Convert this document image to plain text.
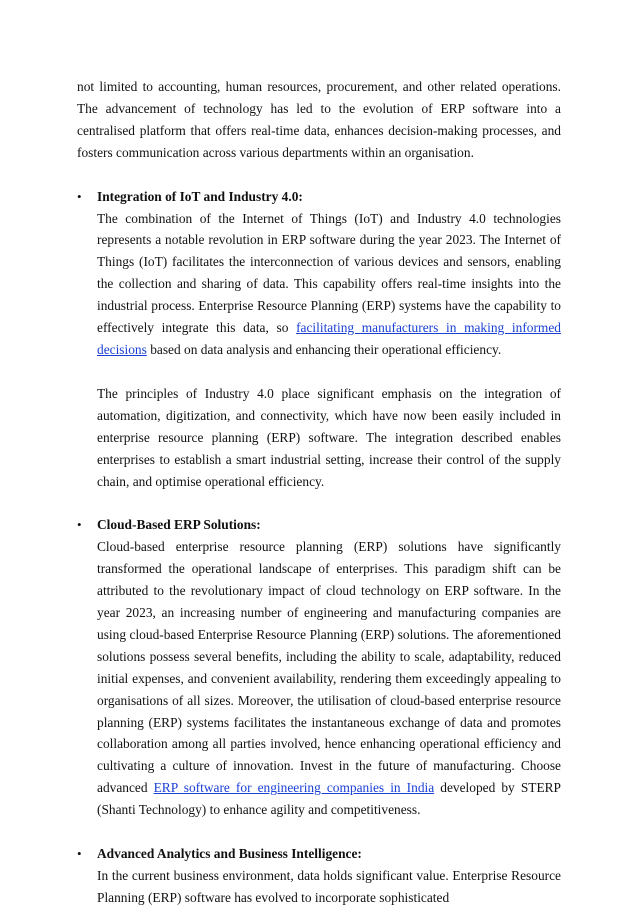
not limited to accounting, human resources, procurement, and other related operations. The advancement of technology has led to the evolution of ERP software into a centralised platform that offers real-time data, enhances decision-making processes, and fosters communication across various departments within an organisation.

• Integration of IoT and Industry 4.0:

The combination of the Internet of Things (IoT) and Industry 4.0 technologies represents a notable revolution in ERP software during the year 2023. The Internet of Things (IoT) facilitates the interconnection of various devices and sensors, enabling the collection and sharing of data. This capability offers real-time insights into the industrial process. Enterprise Resource Planning (ERP) systems have the capability to effectively integrate this data, so facilitating manufacturers in making informed decisions based on data analysis and enhancing their operational efficiency.

The principles of Industry 4.0 place significant emphasis on the integration of automation, digitization, and connectivity, which have now been easily included in enterprise resource planning (ERP) software. The integration described enables enterprises to establish a smart industrial setting, increase their control of the supply chain, and optimise operational efficiency.

• Cloud-Based ERP Solutions:

Cloud-based enterprise resource planning (ERP) solutions have significantly transformed the operational landscape of enterprises. This paradigm shift can be attributed to the revolutionary impact of cloud technology on ERP software. In the year 2023, an increasing number of engineering and manufacturing companies are using cloud-based Enterprise Resource Planning (ERP) solutions. The aforementioned solutions possess several benefits, including the ability to scale, adaptability, reduced initial expenses, and convenient availability, rendering them exceedingly appealing to organisations of all sizes. Moreover, the utilisation of cloud-based enterprise resource planning (ERP) systems facilitates the instantaneous exchange of data and promotes collaboration among all parties involved, hence enhancing operational efficiency and cultivating a culture of innovation. Invest in the future of manufacturing. Choose advanced ERP software for engineering companies in India developed by STERP (Shanti Technology) to enhance agility and competitiveness.

• Advanced Analytics and Business Intelligence:

In the current business environment, data holds significant value. Enterprise Resource Planning (ERP) software has evolved to incorporate sophisticated
